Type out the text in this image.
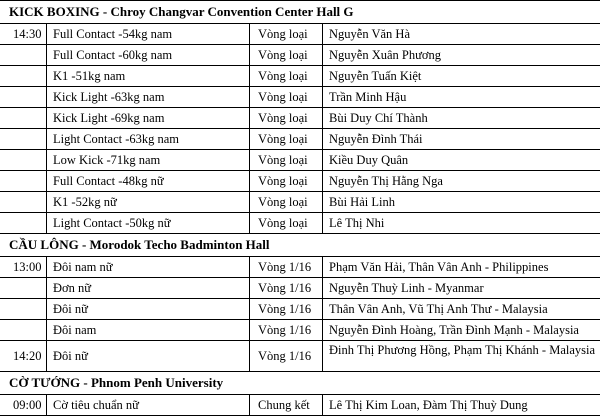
KICK BOXING - Chroy Changvar Convention Center Hall G			
14:30	Full Contact -54kg nam	Vòng loại	Nguyễn Văn Hà
	Full Contact -60kg nam	Vòng loại	Nguyễn Xuân Phương
	K1 -51kg nam	Vòng loại	Nguyễn Tuấn Kiệt
	Kick Light -63kg nam	Vòng loại	Trần Minh Hậu
	Kick Light -69kg nam	Vòng loại	Bùi Duy Chí Thành
	Light Contact -63kg nam	Vòng loại	Nguyễn Đình Thái
	Low Kick -71kg nam	Vòng loại	Kiều Duy Quân
	Full Contact -48kg nữ	Vòng loại	Nguyễn Thị Hằng Nga
	K1 -52kg nữ	Vòng loại	Bùi Hải Linh
	Light Contact -50kg nữ	Vòng loại	Lê Thị Nhi
CẦU LÔNG - Morodok Techo Badminton Hall			
13:00	Đôi nam nữ	Vòng 1/16	Phạm Văn Hải, Thân Vân Anh - Philippines
	Đơn nữ	Vòng 1/16	Nguyễn Thuỳ Linh - Myanmar
	Đôi nữ	Vòng 1/16	Thân Vân Anh, Vũ Thị Anh Thư - Malaysia
	Đôi nam	Vòng 1/16	Nguyễn Đình Hoàng, Trần Đình Mạnh - Malaysia
14:20	Đôi nữ	Vòng 1/16	Đinh Thị Phương Hồng, Phạm Thị Khánh - Malaysia
CỜ TƯỚNG - Phnom Penh University			
09:00	Cờ tiêu chuẩn nữ	Chung kết	Lê Thị Kim Loan, Đàm Thị Thuỳ Dung
